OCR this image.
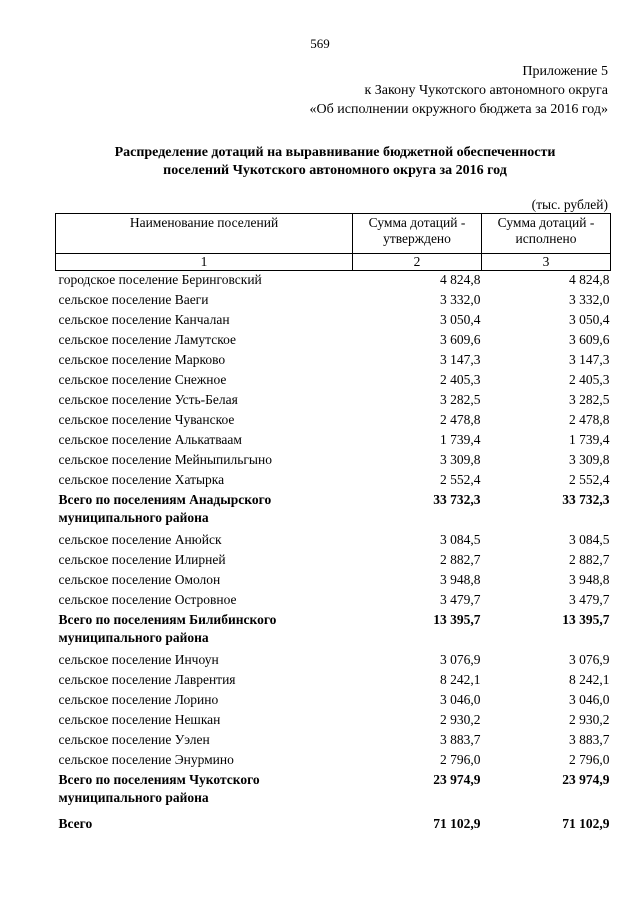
569
Приложение 5
к Закону Чукотского автономного округа
«Об исполнении окружного бюджета за 2016 год»
Распределение дотаций на выравнивание бюджетной обеспеченности
поселений Чукотского автономного округа за 2016 год
(тыс. рублей)
Наименование поселений	Сумма дотаций - утверждено	Сумма дотаций - исполнено
1	2	3
городское поселение Беринговский	4 824,8	4 824,8
сельское поселение Ваеги	3 332,0	3 332,0
сельское поселение Канчалан	3 050,4	3 050,4
сельское поселение Ламутское	3 609,6	3 609,6
сельское поселение Марково	3 147,3	3 147,3
сельское поселение Снежное	2 405,3	2 405,3
сельское поселение Усть-Белая	3 282,5	3 282,5
сельское поселение Чуванское	2 478,8	2 478,8
сельское поселение Алькатваам	1 739,4	1 739,4
сельское поселение Мейныпильгыно	3 309,8	3 309,8
сельское поселение Хатырка	2 552,4	2 552,4
Всего по поселениям Анадырского муниципального района	33 732,3	33 732,3
сельское поселение Анюйск	3 084,5	3 084,5
сельское поселение Илирней	2 882,7	2 882,7
сельское поселение Омолон	3 948,8	3 948,8
сельское поселение Островное	3 479,7	3 479,7
Всего по поселениям Билибинского муниципального района	13 395,7	13 395,7
сельское поселение Инчоун	3 076,9	3 076,9
сельское поселение Лаврентия	8 242,1	8 242,1
сельское поселение Лорино	3 046,0	3 046,0
сельское поселение Нешкан	2 930,2	2 930,2
сельское поселение Уэлен	3 883,7	3 883,7
сельское поселение Энурмино	2 796,0	2 796,0
Всего по поселениям Чукотского муниципального района	23 974,9	23 974,9
Всего	71 102,9	71 102,9
